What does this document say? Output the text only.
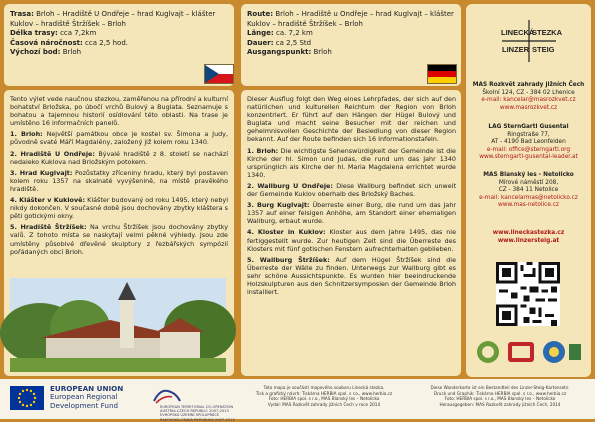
Trasa: Brloh – Hradiště U Ondřeje – hrad Kuglvajt – klášter Kuklov – hradiště Štržíšek – Brloh
Délka trasy: cca 7,2km
Časová náročnost: cca 2,5 hod.
Výchozí bod: Brloh
Route: Brloh – Hradiště u Ondřeje – hrad Kuglvajt – klášter Kuklov – hradiště Štržíšek – Brloh
Länge: ca. 7,2 km
Dauer: ca 2,5 Std
Ausgangspunkt: Brloh

Tento výlet vede naučnou stezkou, zaměřenou na přírodní a kulturní bohatství Brložska, po úbočí vrchů Bulový a Buglata. Seznamuje s bohatou a tajemnou historií osídlování této oblasti. Na trase je umístěno 16 informačních panelů.

1. Brloh: Největší památkou obce je kostel sv. Šimona a Judy, původně svaté Máří Magdalény, založený již kolem roku 1340.

2. Hradiště U Ondřeje: Bývalé hradiště z 8. století se nachází nedaleko Kuklova nad Brložským potokem.

3. Hrad Kuglvajt: Pozůstatky zříceniny hradu, který byl postaven kolem roku 1357 na skalnaté vyvýšenině, na místě pravěkého hradiště.

4. Klášter v Kuklově: Klášter budovaný od roku 1495, který nebyl nikdy dokončen. V současné době jsou dochovány zbytky kláštera s pěti gotickými okny.

5. Hradiště Štržíšek: Na vrchu Štržíšek jsou dochovány zbytky valů. Z tohoto místa se naskytají velmi pěkné výhledy. Jsou zde umístěny působivé dřevěné skulptury z řezbářských sympózií pořádaných obcí Brloh.

Dieser Ausflug folgt den Weg eines Lehrpfades, der sich auf den natürlichen und kulturellen Reichtum der Region von Brloh konzentriert. Er führt auf den Hängen der Hügel Bulový und Buglata und macht seine Besucher mit der reichen und geheimnisvollen Geschichte der Besiedlung von dieser Region bekannt. Auf der Route befinden sich 16 Informationstafeln.

1. Brloh: Die wichtigste Sehenswürdigkeit der Gemeinde ist die Kirche der hl. Simon und Judas, die rund um das Jahr 1340 ursprünglich als Kirche der hl. Maria Magdalena errichtet wurde 1340.

2. Wallburg U Ondřeje: Diese Wallburg befindet sich unweit der Gemeinde Kuklov oberhalb des Brložský Baches.

3. Burg Kuglvajt: Überreste einer Burg, die rund um das Jahr 1357 auf einer felsigen Anhöhe, am Standort einer ehemaligen Wallburg, erbaut wurde.

4. Kloster in Kuklov: Kloster aus dem Jahre 1495, das nie fertiggestellt wurde. Zur heutigen Zeit sind die Überreste des Klosters mit fünf gotischen Fenstern aufrechterhalten geblieben.

5. Wallburg Štržíšek: Auf dem Hügel Štržíšek sind die Überreste der Wälle zu finden. Unterwegs zur Wallburg gibt es sehr schöne Aussichtspunkte. Es wurden hier beeindruckende Holzskulpturen aus den Schnitzersymposien der Gemeinde Brloh installiert.

LINECKÁ
STEZKA
LINZER STEIG
MAS Rozkvět zahrady jižních Čech
Školní 124, CZ - 384 02 Lhenice
e-mail: kancelar@masrozkvet.cz
www.masrozkvet.cz
LAG SternGartl Gusental
Ringstraße 77,
AT - 4190 Bad Leonfelden
e-mail: office@sterngartl.org
www.sterngartl-gusental-leader.at
MAS Blanský les - Netolicko
Mírové náměstí 208,
CZ - 384 11 Netolice
e-mail: kancelarmas@netolicko.cz
www.mas-netolice.cz
www.lineckastezka.cz
www.linzersteig.at
EUROPEAN UNION
European Regional
Development Fund	EUROPEAN TERRITORIAL CO-OPERATION
AUSTRIA-CZECH REPUBLIC 2007-2013
EVROPSKÁ ÚZEMNÍ SPOLUPRÁCE
RAKOUSKO-ČESKÁ REPUBLIKA 2007-2013
Tato mapa je součástí mapového souboru Linecká stezka.
Tisk a grafický návrh: Tiskárna HERBIA spol. s r.o., www.herbia.cz
Foto: HERBIA spol. s r.o., MAS Blanský les – Netolicko
Vydal: MAS Rozkvět zahrady jižních Čech v roce 2014
Diese Wanderkarte ist ein Bestandteil des Linzer-Steig-Kartensets.
Druck und Graphik: Tiskárna HERBIA spol. s r.o., www.herbia.cz
Foto: HERBIA spol. s r.o., MAS Blanský les – Netolicko
Herausgegeben: MAS Rozkvět zahrady jižních Čech, 2014
